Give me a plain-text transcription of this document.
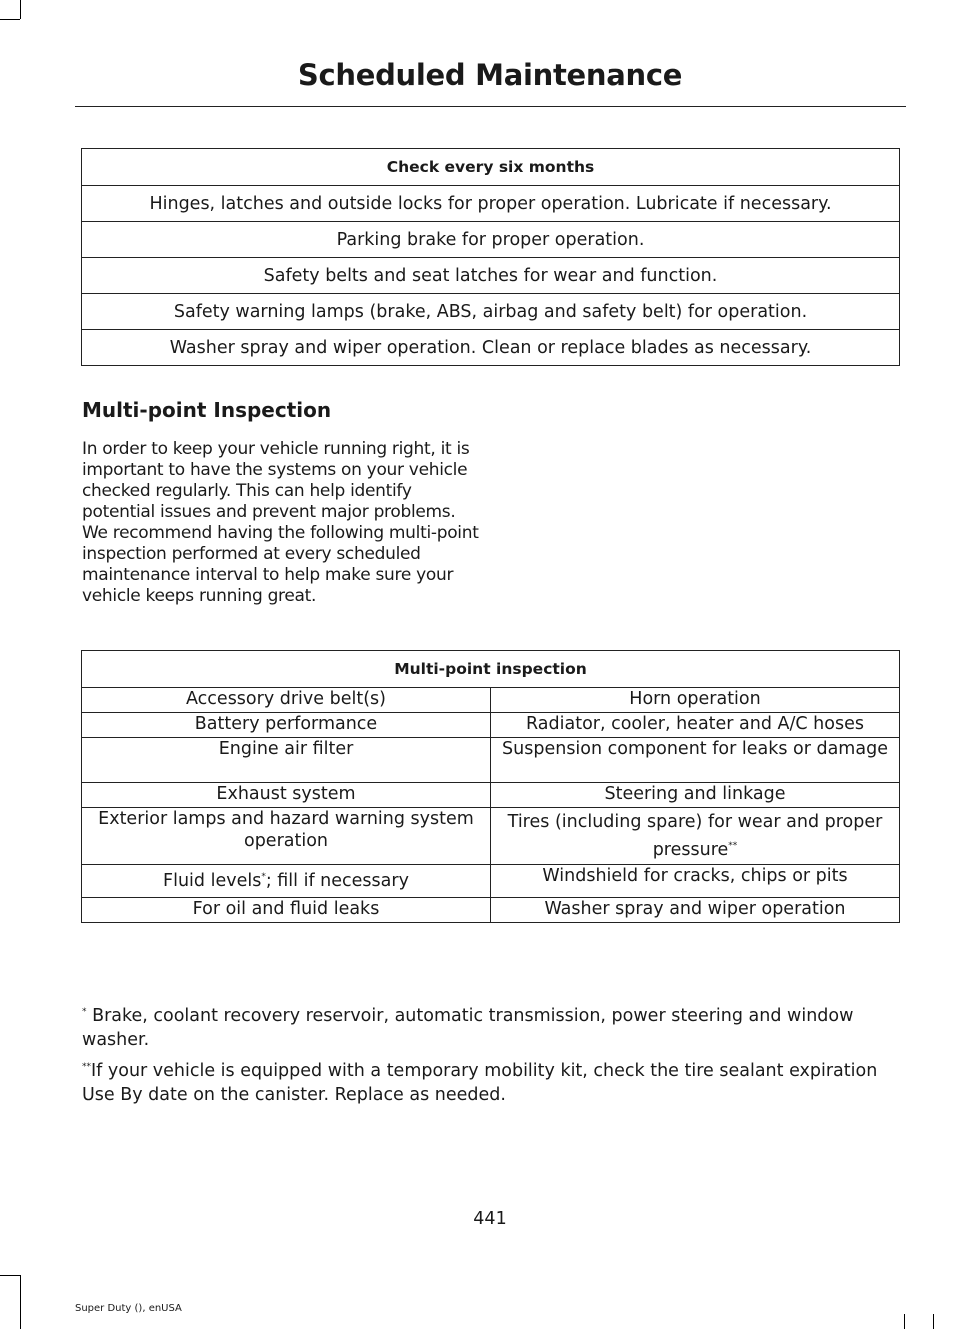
Scheduled Maintenance
Check every six months
Hinges, latches and outside locks for proper operation. Lubricate if necessary.
Parking brake for proper operation.
Safety belts and seat latches for wear and function.
Safety warning lamps (brake, ABS, airbag and safety belt) for operation.
Washer spray and wiper operation. Clean or replace blades as necessary.
Multi-point Inspection
In order to keep your vehicle running right, it is important to have the systems on your vehicle checked regularly. This can help identify potential issues and prevent major problems. We recommend having the following multi-point inspection performed at every scheduled maintenance interval to help make sure your vehicle keeps running great.
Multi-point inspection	
Accessory drive belt(s)	Horn operation
Battery performance	Radiator, cooler, heater and A/C hoses
Engine air filter	Suspension component for leaks or damage
Exhaust system	Steering and linkage
Exterior lamps and hazard warning system operation	Tires (including spare) for wear and proper pressure**
Fluid levels*; fill if necessary	Windshield for cracks, chips or pits
For oil and fluid leaks	Washer spray and wiper operation
* Brake, coolant recovery reservoir, automatic transmission, power steering and window washer.
**If your vehicle is equipped with a temporary mobility kit, check the tire sealant expiration Use By date on the canister. Replace as needed.
441
Super Duty (), enUSA
